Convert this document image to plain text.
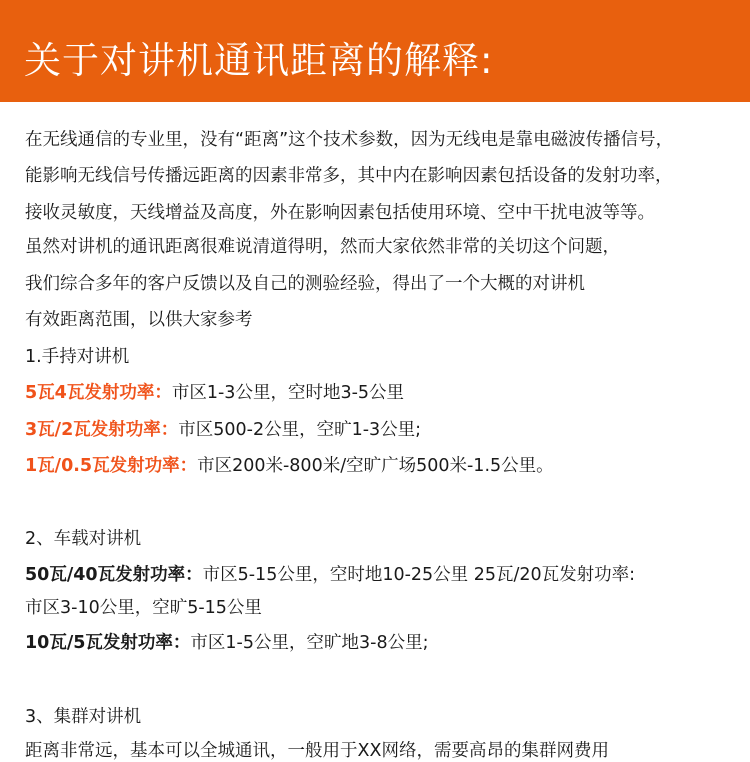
关于对讲机通讯距离的解释:
在无线通信的专业里，没有“距离”这个技术参数，因为无线电是靠电磁波传播信号，
能影响无线信号传播远距离的因素非常多，其中内在影响因素包括设备的发射功率，
接收灵敏度，天线增益及高度，外在影响因素包括使用环境、空中干扰电波等等。
虽然对讲机的通讯距离很难说清道得明，然而大家依然非常的关切这个问题，
我们综合多年的客户反馈以及自己的测验经验，得出了一个大概的对讲机
有效距离范围，以供大家参考
1.手持对讲机
5瓦4瓦发射功率：市区1-3公里，空时地3-5公里
3瓦/2瓦发射功率：市区500-2公里，空旷1-3公里;
1瓦/0.5瓦发射功率：市区200米-800米/空旷广场500米-1.5公里。
2、车载对讲机
50瓦/40瓦发射功率：市区5-15公里，空时地10-25公里 25瓦/20瓦发射功率:
市区3-10公里，空旷5-15公里
10瓦/5瓦发射功率：市区1-5公里，空旷地3-8公里;
3、集群对讲机
距离非常远，基本可以全城通讯，一般用于XX网络，需要高昂的集群网费用
